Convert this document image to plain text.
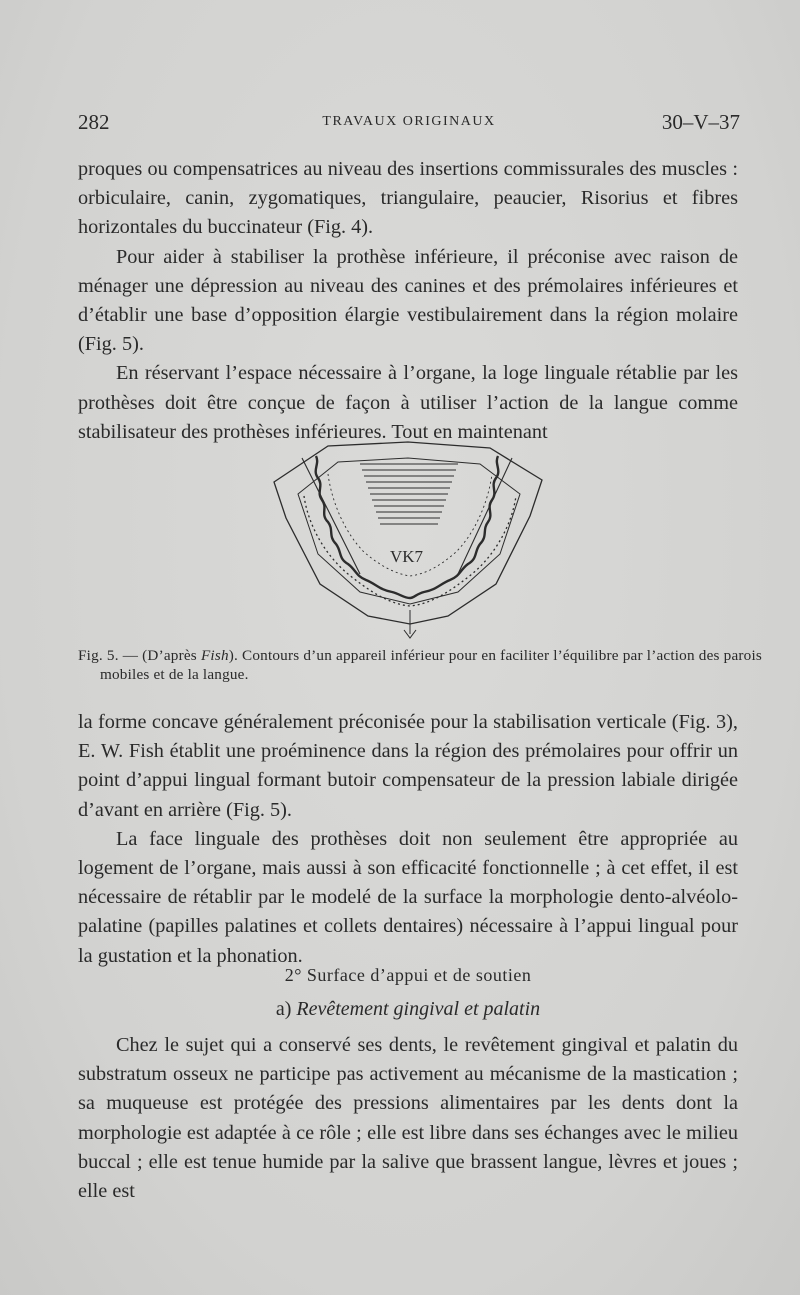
282	TRAVAUX ORIGINAUX	30–V–37

proques ou compensatrices au niveau des insertions commissurales des muscles : orbiculaire, canin, zygomatiques, triangulaire, peaucier, Risorius et fibres horizontales du buccinateur (Fig. 4).

Pour aider à stabiliser la prothèse inférieure, il préconise avec raison de ménager une dépression au niveau des canines et des prémolaires inférieures et d’établir une base d’opposition élargie vestibulairement dans la région molaire (Fig. 5).

En réservant l’espace nécessaire à l’organe, la loge linguale rétablie par les prothèses doit être conçue de façon à utiliser l’action de la langue comme stabilisateur des prothèses inférieures. Tout en maintenant

VK7
Fig. 5. — (D’après Fish). Contours d’un appareil inférieur pour en faciliter l’équilibre par l’action des parois mobiles et de la langue.

la forme concave généralement préconisée pour la stabilisation verticale (Fig. 3), E. W. Fish établit une proéminence dans la région des prémolaires pour offrir un point d’appui lingual formant butoir compensateur de la pression labiale dirigée d’avant en arrière (Fig. 5).

La face linguale des prothèses doit non seulement être appropriée au logement de l’organe, mais aussi à son efficacité fonctionnelle ; à cet effet, il est nécessaire de rétablir par le modelé de la surface la morphologie dento-alvéolo-palatine (papilles palatines et collets dentaires) nécessaire à l’appui lingual pour la gustation et la phonation.

2° Surface d’appui et de soutien
a) Revêtement gingival et palatin

Chez le sujet qui a conservé ses dents, le revêtement gingival et palatin du substratum osseux ne participe pas activement au mécanisme de la mastication ; sa muqueuse est protégée des pressions alimentaires par les dents dont la morphologie est adaptée à ce rôle ; elle est libre dans ses échanges avec le milieu buccal ; elle est tenue humide par la salive que brassent langue, lèvres et joues ; elle est
